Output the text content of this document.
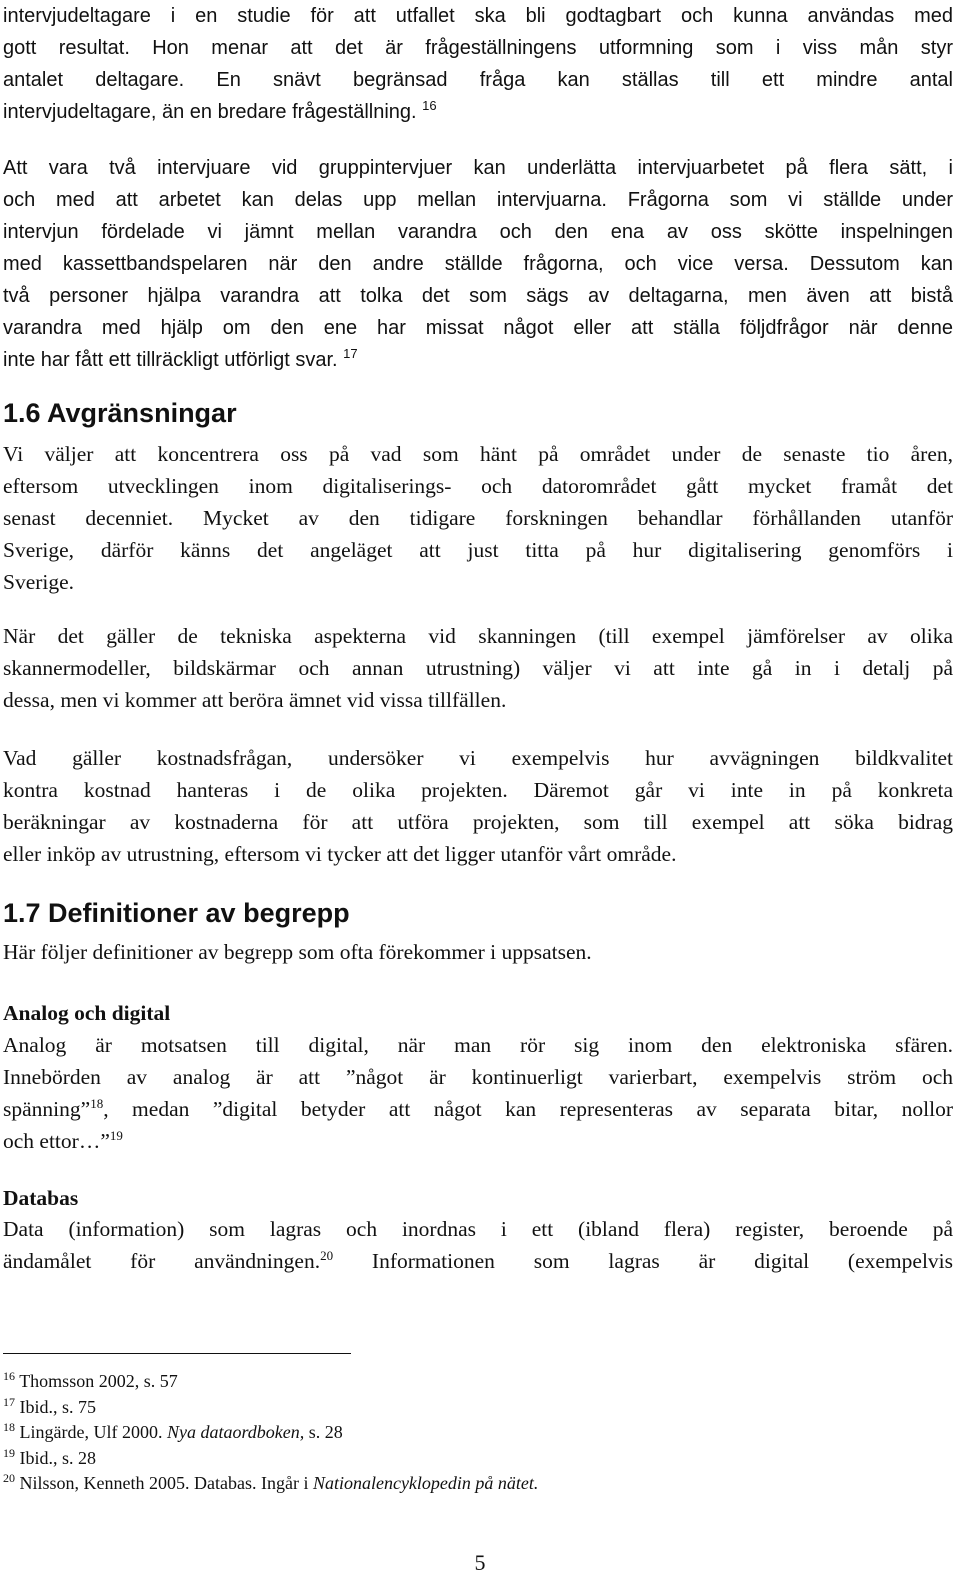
intervjudeltagare i en studie för att utfallet ska bli godtagbart och kunna användas med
gott resultat. Hon menar att det är frågeställningens utformning som i viss mån styr
antalet deltagare. En snävt begränsad fråga kan ställas till ett mindre antal
intervjudeltagare, än en bredare frågeställning. $^{16}$
Att vara två intervjuare vid gruppintervjuer kan underlätta intervjuarbetet på flera sätt, i
och med att arbetet kan delas upp mellan intervjuarna. Frågorna som vi ställde under
intervjun fördelade vi jämnt mellan varandra och den ena av oss skötte inspelningen
med kassettbandspelaren när den andre ställde frågorna, och vice versa. Dessutom kan
två personer hjälpa varandra att tolka det som sägs av deltagarna, men även att bistå
varandra med hjälp om den ene har missat något eller att ställa följdfrågor när denne
inte har fått ett tillräckligt utförligt svar. $^{17}$
1.6 Avgränsningar
Vi väljer att koncentrera oss på vad som hänt på området under de senaste tio åren,
eftersom utvecklingen inom digitaliserings- och datorområdet gått mycket framåt det
senast decenniet. Mycket av den tidigare forskningen behandlar förhållanden utanför
Sverige, därför känns det angeläget att just titta på hur digitalisering genomförs i
Sverige.
När det gäller de tekniska aspekterna vid skanningen (till exempel jämförelser av olika
skannermodeller, bildskärmar och annan utrustning) väljer vi att inte gå in i detalj på
dessa, men vi kommer att beröra ämnet vid vissa tillfällen.
Vad gäller kostnadsfrågan, undersöker vi exempelvis hur avvägningen bildkvalitet
kontra kostnad hanteras i de olika projekten. Däremot går vi inte in på konkreta
beräkningar av kostnaderna för att utföra projekten, som till exempel att söka bidrag
eller inköp av utrustning, eftersom vi tycker att det ligger utanför vårt område.
1.7 Definitioner av begrepp
Här följer definitioner av begrepp som ofta förekommer i uppsatsen.
Analog och digital
Analog är motsatsen till digital, när man rör sig inom den elektroniska sfären.
Innebörden av analog är att ”något är kontinuerligt varierbart, exempelvis ström och
spänning”$^{18}$, medan ”digital betyder att något kan representeras av separata bitar, nollor
och ettor…”$^{19}$
Databas
Data (information) som lagras och inordnas i ett (ibland flera) register, beroende på
ändamålet för användningen.$^{20}$ Informationen som lagras är digital (exempelvis
$^{16}$ Thomsson 2002, s. 57
$^{17}$ Ibid., s. 75
$^{18}$ Lingärde, Ulf 2000. Nya dataordboken, s. 28
$^{19}$ Ibid., s. 28
$^{20}$ Nilsson, Kenneth 2005. Databas. Ingår i Nationalencyklopedin på nätet.
5
